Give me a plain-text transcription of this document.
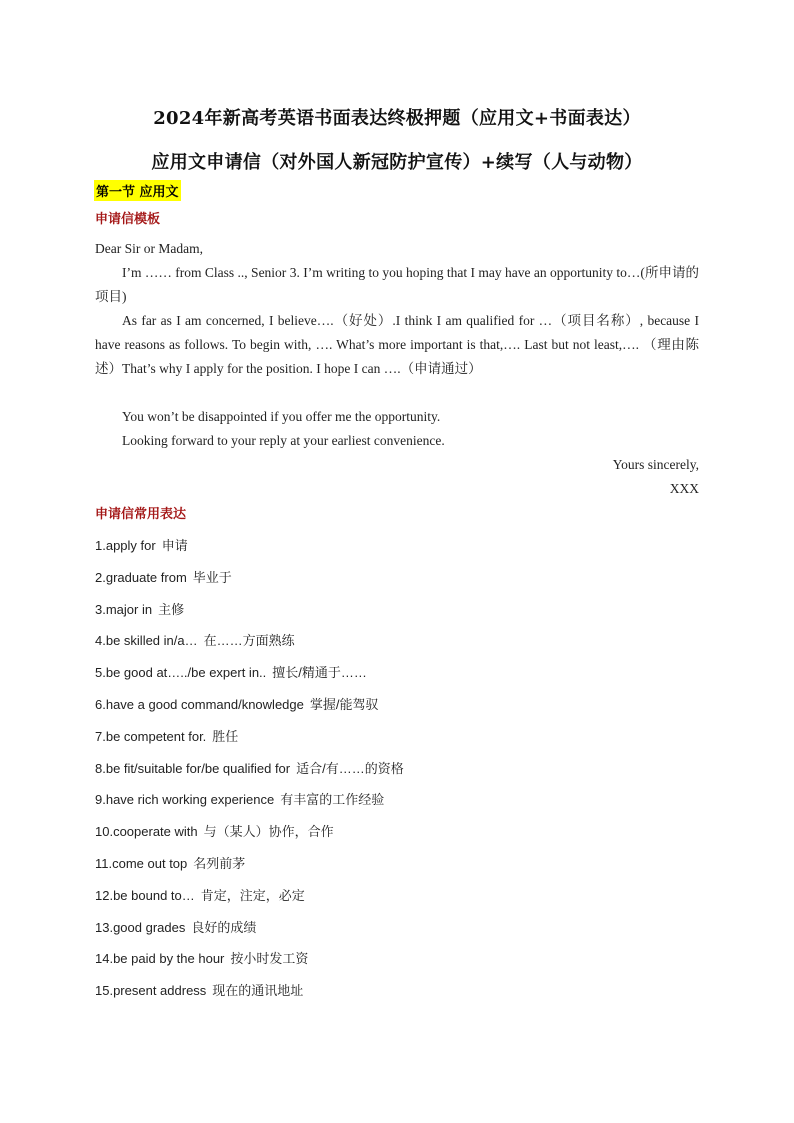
2024年新高考英语书面表达终极押题（应用文+书面表达）
应用文申请信（对外国人新冠防护宣传）+续写（人与动物）
第一节 应用文
申请信模板
Dear Sir or Madam,
I’m …… from Class .., Senior 3. I’m writing to you hoping that I may have an opportunity to…(所申请的项目)
As far as I am concerned, I believe….（好处）.I think I am qualified for …（项目名称）, because I have reasons as follows. To begin with, …. What’s more important is that,…. Last but not least,…. （理由陈述）That’s why I apply for the position. I hope I can ….（申请通过）
You won’t be disappointed if you offer me the opportunity.
Looking forward to your reply at your earliest convenience.
Yours sincerely,
XXX
申请信常用表达
1.apply for 申请
2.graduate from 毕业于
3.major in 主修
4.be skilled in/a… 在……方面熟练
5.be good at…../be expert in.. 擅长/精通于……
6.have a good command/knowledge 掌握/能驾驭
7.be competent for. 胜任
8.be fit/suitable for/be qualified for 适合/有……的资格
9.have rich working experience 有丰富的工作经验
10.cooperate with 与（某人）协作，合作
11.come out top 名列前茅
12.be bound to… 肯定，注定，必定
13.good grades 良好的成绩
14.be paid by the hour 按小时发工资
15.present address 现在的通讯地址
